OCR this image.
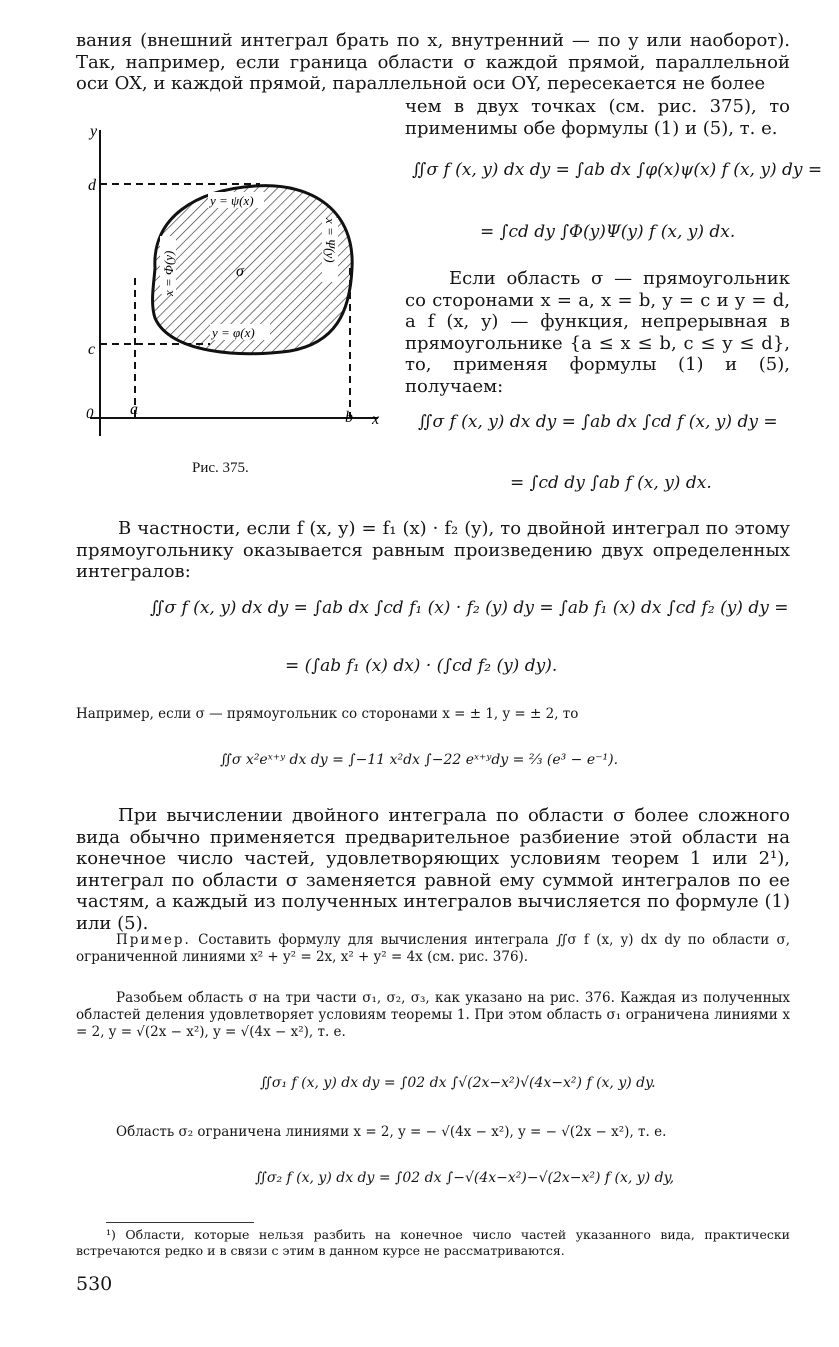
вания (внешний интеграл брать по x, внутренний — по y или наоборот). Так, например, если граница области σ каждой прямой, параллельной оси OX, и каждой прямой, параллельной оси OY, пересекается не более
чем в двух точках (см. рис. 375), то применимы обе формулы (1) и (5), т. е.
y
x
0
d
c
a	b
y = ψ(x)
y = φ(x)
x = Φ(y)
x = Ψ(y)
σ
Рис. 375.
∬σ f (x, y) dx dy = ∫ab dx ∫φ(x)ψ(x) f (x, y) dy =
= ∫cd dy ∫Φ(y)Ψ(y) f (x, y) dx.
Если область σ — прямоугольник со сторонами x = a, x = b, y = c и y = d, а f (x, y) — функция, непрерывная в прямоугольнике {a ≤ x ≤ b, c ≤ y ≤ d}, то, применяя формулы (1) и (5), получаем:
∬σ f (x, y) dx dy = ∫ab dx ∫cd f (x, y) dy =
= ∫cd dy ∫ab f (x, y) dx.
В частности, если f (x, y) = f₁ (x) · f₂ (y), то двойной интеграл по этому прямоугольнику оказывается равным произведению двух определенных интегралов:
∬σ f (x, y) dx dy = ∫ab dx ∫cd f₁ (x) · f₂ (y) dy = ∫ab f₁ (x) dx ∫cd f₂ (y) dy =
= (∫ab f₁ (x) dx) · (∫cd f₂ (y) dy).
Например, если σ — прямоугольник со сторонами x = ± 1, y = ± 2, то
∬σ x²eˣ⁺ʸ dx dy = ∫−11 x²dx ∫−22 eˣ⁺ʸdy = ⅔ (e³ − e⁻¹).
При вычислении двойного интеграла по области σ более сложного вида обычно применяется предварительное разбиение этой области на конечное число частей, удовлетворяющих условиям теорем 1 или 2¹), интеграл по области σ заменяется равной ему суммой интегралов по ее частям, а каждый из полученных интегралов вычисляется по формуле (1) или (5).
Пример. Составить формулу для вычисления интеграла ∬σ f (x, y) dx dy по области σ, ограниченной линиями x² + y² = 2x, x² + y² = 4x (см. рис. 376).
Разобьем область σ на три части σ₁, σ₂, σ₃, как указано на рис. 376. Каждая из полученных областей деления удовлетворяет условиям теоремы 1. При этом область σ₁ ограничена линиями x = 2, y = √(2x − x²), y = √(4x − x²), т. е.
∬σ₁ f (x, y) dx dy = ∫02 dx ∫√(2x−x²)√(4x−x²) f (x, y) dy.
Область σ₂ ограничена линиями x = 2, y = − √(4x − x²), y = − √(2x − x²), т. е.
∬σ₂ f (x, y) dx dy = ∫02 dx ∫−√(4x−x²)−√(2x−x²) f (x, y) dy,
¹) Области, которые нельзя разбить на конечное число частей указанного вида, практически встречаются редко и в связи с этим в данном курсе не рассматриваются.
530
